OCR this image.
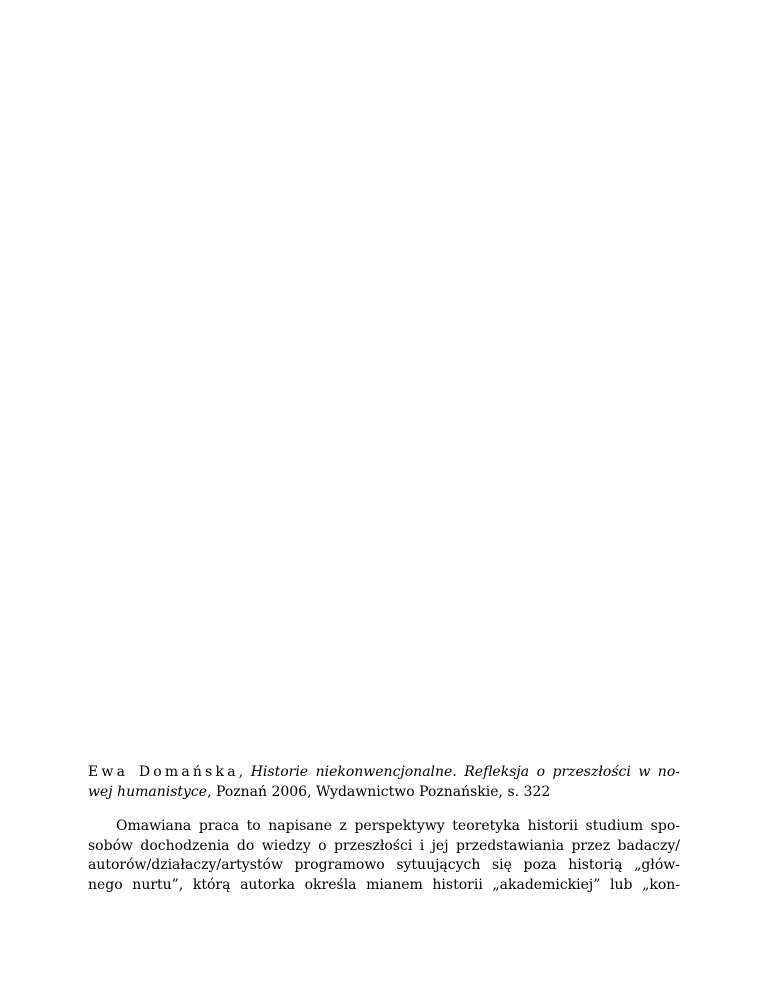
Ewa Domańska, Historie niekonwencjonalne. Refleksja o przeszłości w no-
wej humanistyce, Poznań 2006, Wydawnictwo Poznańskie, s. 322
Omawiana praca to napisane z perspektywy teoretyka historii studium spo-
sobów dochodzenia do wiedzy o przeszłości i jej przedstawiania przez badaczy/
autorów/działaczy/artystów programowo sytuujących się poza historią „głów-
nego nurtu”, którą autorka określa mianem historii „akademickiej” lub „kon-
